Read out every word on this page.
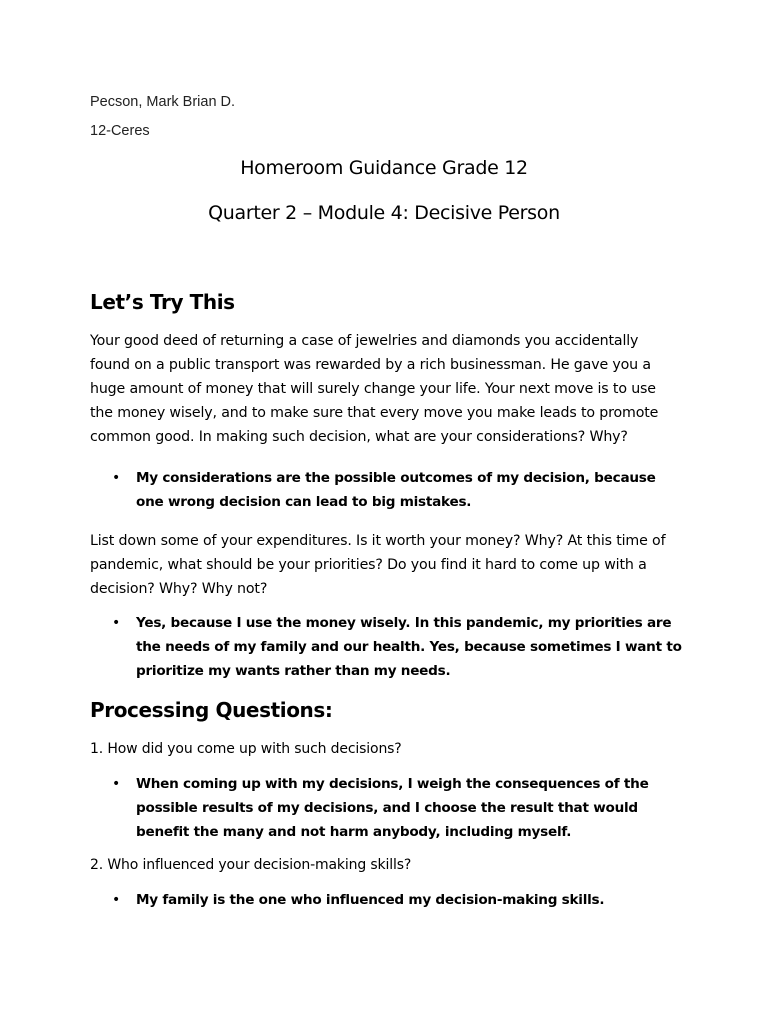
Pecson, Mark Brian D.
12-Ceres
Homeroom Guidance Grade 12
Quarter 2 – Module 4: Decisive Person
Let’s Try This
Your good deed of returning a case of jewelries and diamonds you accidentally found on a public transport was rewarded by a rich businessman. He gave you a huge amount of money that will surely change your life. Your next move is to use the money wisely, and to make sure that every move you make leads to promote common good. In making such decision, what are your considerations? Why?
•	My considerations are the possible outcomes of my decision, because one wrong decision can lead to big mistakes.
List down some of your expenditures. Is it worth your money? Why? At this time of pandemic, what should be your priorities? Do you find it hard to come up with a decision? Why? Why not?
•	Yes, because I use the money wisely. In this pandemic, my priorities are the needs of my family and our health. Yes, because sometimes I want to prioritize my wants rather than my needs.
Processing Questions:
1. How did you come up with such decisions?
•	When coming up with my decisions, I weigh the consequences of the possible results of my decisions, and I choose the result that would benefit the many and not harm anybody, including myself.
2. Who influenced your decision-making skills?
•	My family is the one who influenced my decision-making skills.
